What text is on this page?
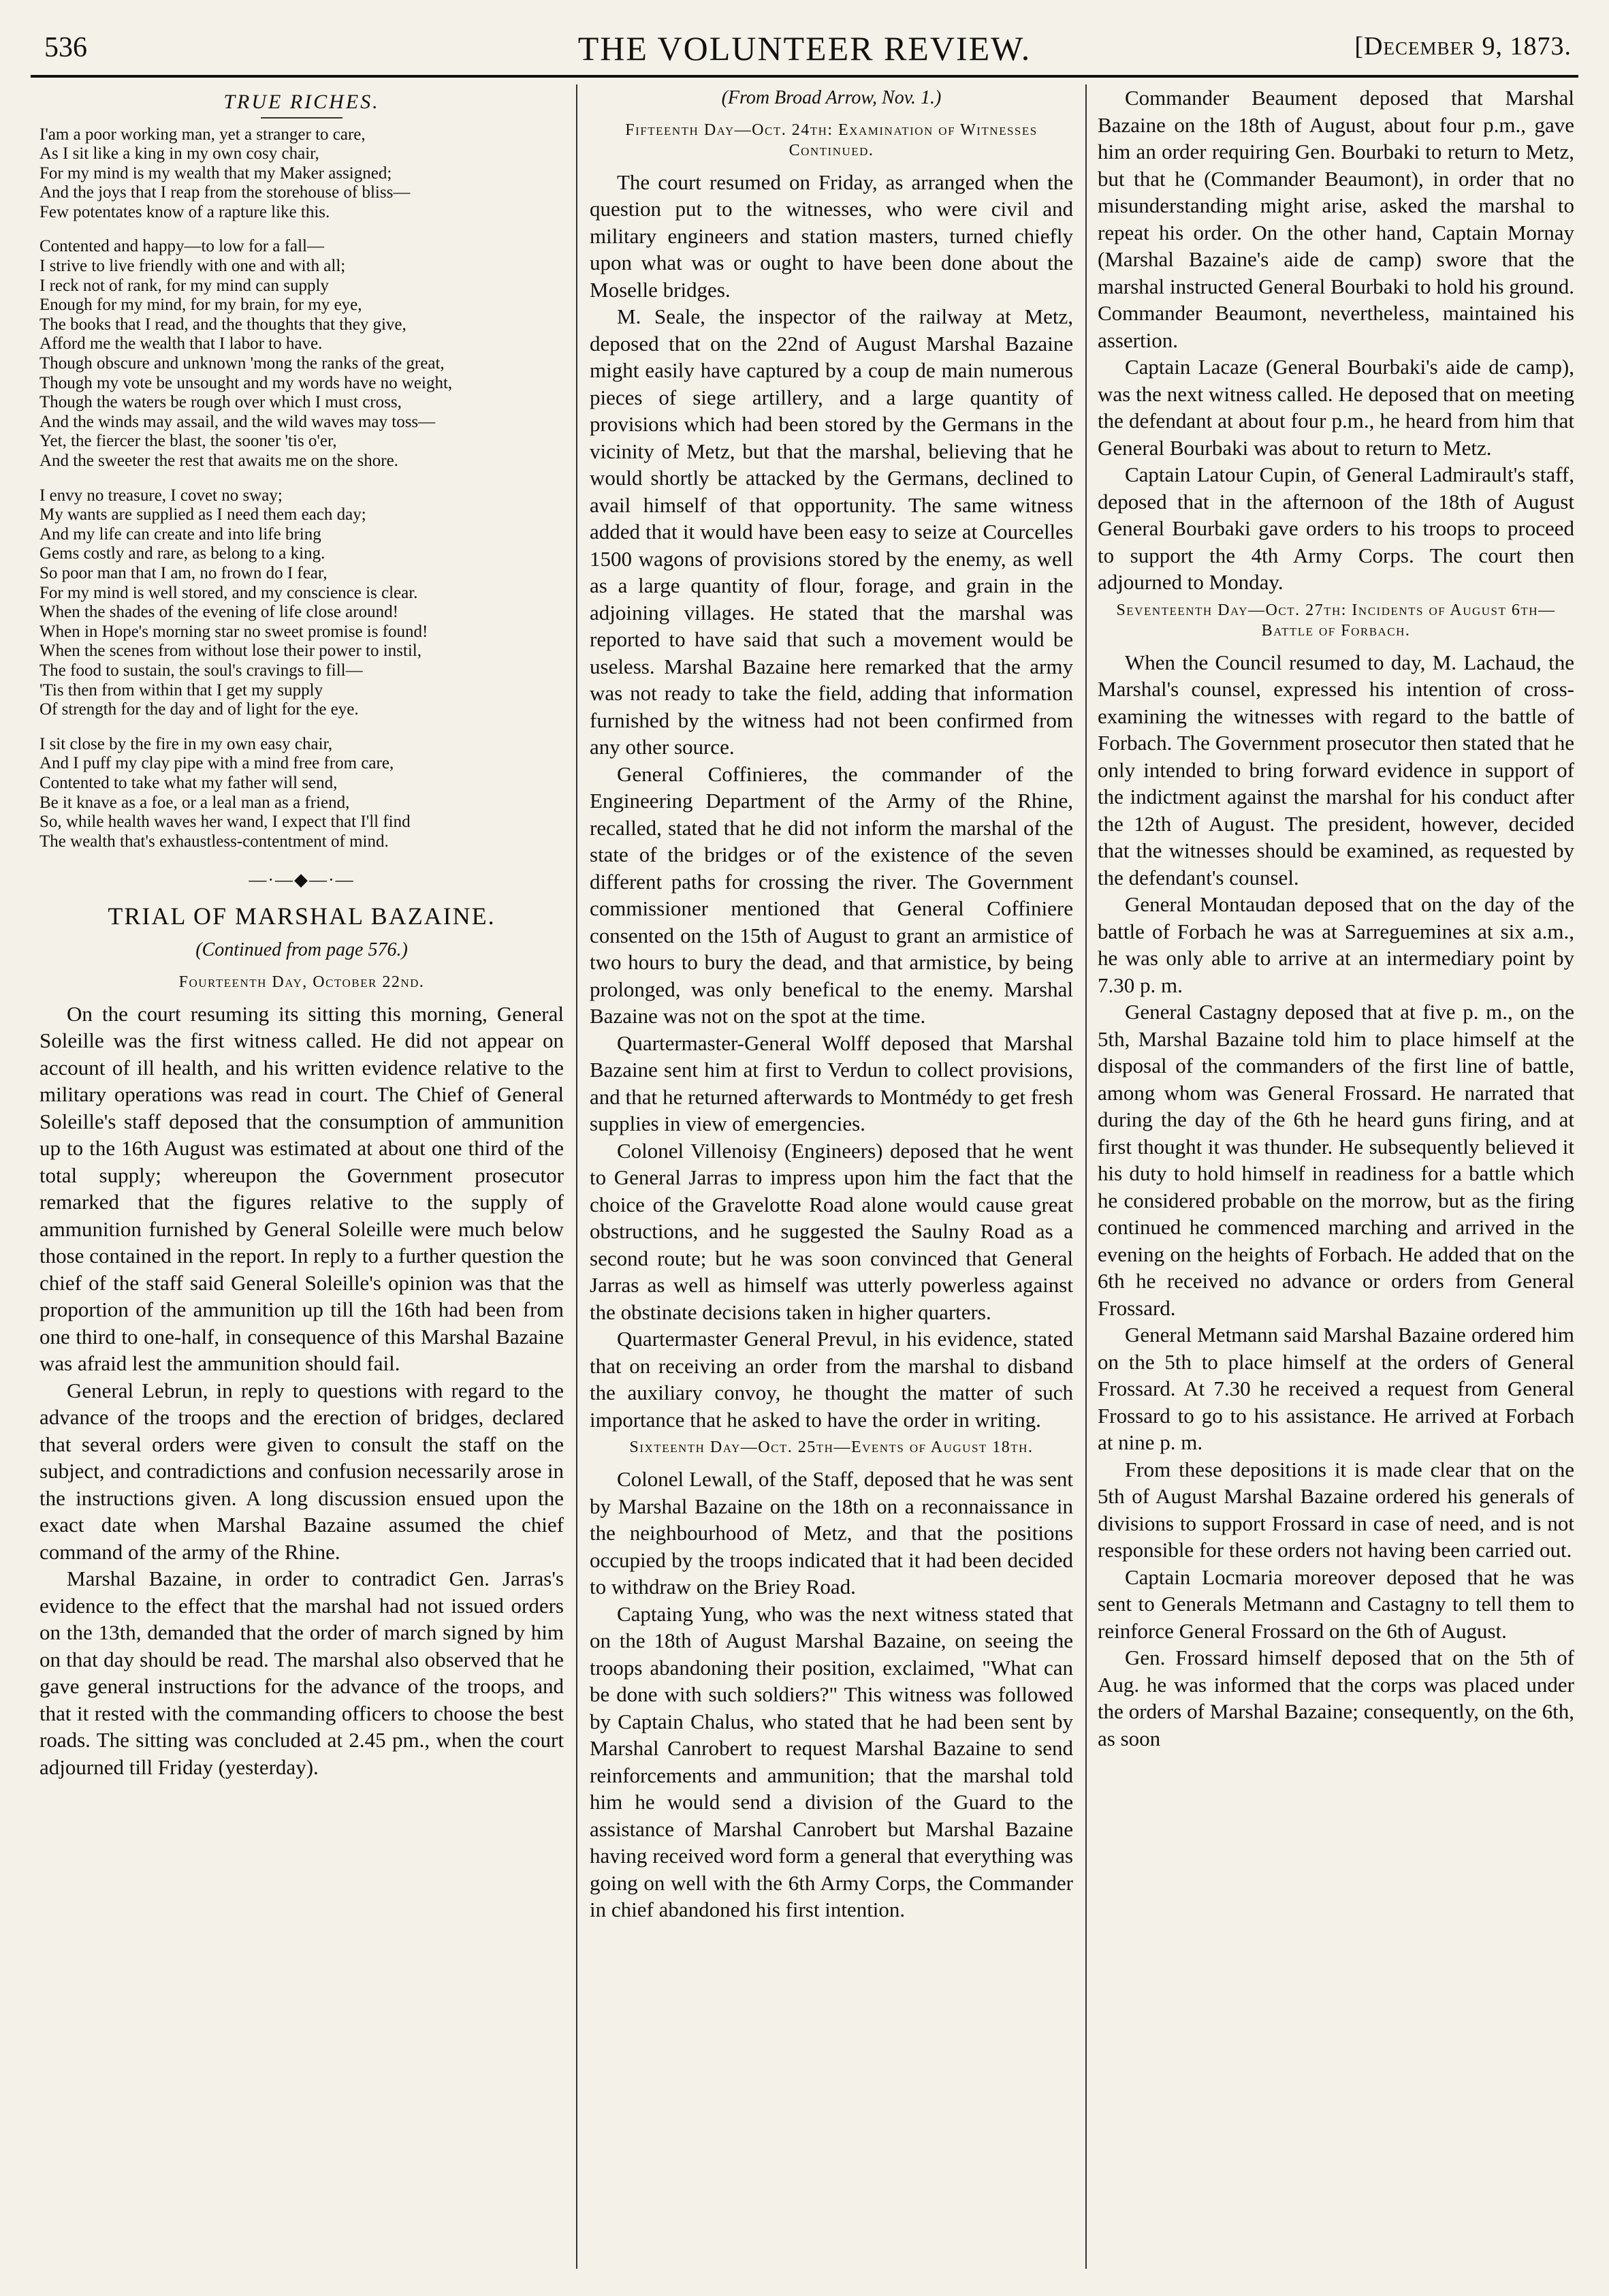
536	THE VOLUNTEER REVIEW.	[December 9, 1873.
TRUE RICHES.
I'am a poor working man, yet a stranger to care,
As I sit like a king in my own cosy chair,
For my mind is my wealth that my Maker assigned;
And the joys that I reap from the storehouse of bliss—
Few potentates know of a rapture like this.
Contented and happy—to low for a fall—
I strive to live friendly with one and with all;
I reck not of rank, for my mind can supply
Enough for my mind, for my brain, for my eye,
The books that I read, and the thoughts that they give,
Afford me the wealth that I labor to have.
Though obscure and unknown 'mong the ranks of the great,
Though my vote be unsought and my words have no weight,
Though the waters be rough over which I must cross,
And the winds may assail, and the wild waves may toss—
Yet, the fiercer the blast, the sooner 'tis o'er,
And the sweeter the rest that awaits me on the shore.
I envy no treasure, I covet no sway;
My wants are supplied as I need them each day;
And my life can create and into life bring
Gems costly and rare, as belong to a king.
So poor man that I am, no frown do I fear,
For my mind is well stored, and my conscience is clear.
When the shades of the evening of life close around!
When in Hope's morning star no sweet promise is found!
When the scenes from without lose their power to instil,
The food to sustain, the soul's cravings to fill—
'Tis then from within that I get my supply
Of strength for the day and of light for the eye.
I sit close by the fire in my own easy chair,
And I puff my clay pipe with a mind free from care,
Contented to take what my father will send,
Be it knave as a foe, or a leal man as a friend,
So, while health waves her wand, I expect that I'll find
The wealth that's exhaustless-contentment of mind.
—·—◆—·—
TRIAL OF MARSHAL BAZAINE.
(Continued from page 576.)
Fourteenth Day, October 22nd.

On the court resuming its sitting this morning, General Soleille was the first witness called. He did not appear on account of ill health, and his written evidence relative to the military operations was read in court. The Chief of General Soleille's staff deposed that the consumption of ammunition up to the 16th August was estimated at about one third of the total supply; whereupon the Government prosecutor remarked that the figures relative to the supply of ammunition furnished by General Soleille were much below those contained in the report. In reply to a further question the chief of the staff said General Soleille's opinion was that the proportion of the ammunition up till the 16th had been from one third to one-half, in consequence of this Marshal Bazaine was afraid lest the ammunition should fail.

General Lebrun, in reply to questions with regard to the advance of the troops and the erection of bridges, declared that several orders were given to consult the staff on the subject, and contradictions and confusion necessarily arose in the instructions given. A long discussion ensued upon the exact date when Marshal Bazaine assumed the chief command of the army of the Rhine.

Marshal Bazaine, in order to contradict Gen. Jarras's evidence to the effect that the marshal had not issued orders on the 13th, demanded that the order of march signed by him on that day should be read. The marshal also observed that he gave general instructions for the advance of the troops, and that it rested with the commanding officers to choose the best roads. The sitting was concluded at 2.45 pm., when the court adjourned till Friday (yesterday).

(From Broad Arrow, Nov. 1.)
Fifteenth Day—Oct. 24th: Examination of Witnesses Continued.

The court resumed on Friday, as arranged when the question put to the witnesses, who were civil and military engineers and station masters, turned chiefly upon what was or ought to have been done about the Moselle bridges.

M. Seale, the inspector of the railway at Metz, deposed that on the 22nd of August Marshal Bazaine might easily have captured by a coup de main numerous pieces of siege artillery, and a large quantity of provisions which had been stored by the Germans in the vicinity of Metz, but that the marshal, believing that he would shortly be attacked by the Germans, declined to avail himself of that opportunity. The same witness added that it would have been easy to seize at Courcelles 1500 wagons of provisions stored by the enemy, as well as a large quantity of flour, forage, and grain in the adjoining villages. He stated that the marshal was reported to have said that such a movement would be useless. Marshal Bazaine here remarked that the army was not ready to take the field, adding that information furnished by the witness had not been confirmed from any other source.

General Coffinieres, the commander of the Engineering Department of the Army of the Rhine, recalled, stated that he did not inform the marshal of the state of the bridges or of the existence of the seven different paths for crossing the river. The Government commissioner mentioned that General Coffiniere consented on the 15th of August to grant an armistice of two hours to bury the dead, and that armistice, by being prolonged, was only benefical to the enemy. Marshal Bazaine was not on the spot at the time.

Quartermaster-General Wolff deposed that Marshal Bazaine sent him at first to Verdun to collect provisions, and that he returned afterwards to Montmédy to get fresh supplies in view of emergencies.

Colonel Villenoisy (Engineers) deposed that he went to General Jarras to impress upon him the fact that the choice of the Gravelotte Road alone would cause great obstructions, and he suggested the Saulny Road as a second route; but he was soon convinced that General Jarras as well as himself was utterly powerless against the obstinate decisions taken in higher quarters.

Quartermaster General Prevul, in his evidence, stated that on receiving an order from the marshal to disband the auxiliary convoy, he thought the matter of such importance that he asked to have the order in writing.

Sixteenth Day—Oct. 25th—Events of August 18th.

Colonel Lewall, of the Staff, deposed that he was sent by Marshal Bazaine on the 18th on a reconnaissance in the neighbourhood of Metz, and that the positions occupied by the troops indicated that it had been decided to withdraw on the Briey Road.

Captaing Yung, who was the next witness stated that on the 18th of August Marshal Bazaine, on seeing the troops abandoning their position, exclaimed, "What can be done with such soldiers?" This witness was followed by Captain Chalus, who stated that he had been sent by Marshal Canrobert to request Marshal Bazaine to send reinforcements and ammunition; that the marshal told him he would send a division of the Guard to the assistance of Marshal Canrobert but Marshal Bazaine having received word form a general that everything was going on well with the 6th Army Corps, the Commander in chief abandoned his first intention.

Commander Beaument deposed that Marshal Bazaine on the 18th of August, about four p.m., gave him an order requiring Gen. Bourbaki to return to Metz, but that he (Commander Beaumont), in order that no misunderstanding might arise, asked the marshal to repeat his order. On the other hand, Captain Mornay (Marshal Bazaine's aide de camp) swore that the marshal instructed General Bourbaki to hold his ground. Commander Beaumont, nevertheless, maintained his assertion.

Captain Lacaze (General Bourbaki's aide de camp), was the next witness called. He deposed that on meeting the defendant at about four p.m., he heard from him that General Bourbaki was about to return to Metz.

Captain Latour Cupin, of General Ladmirault's staff, deposed that in the afternoon of the 18th of August General Bourbaki gave orders to his troops to proceed to support the 4th Army Corps. The court then adjourned to Monday.

Seventeenth Day—Oct. 27th: Incidents of August 6th—Battle of Forbach.

When the Council resumed to day, M. Lachaud, the Marshal's counsel, expressed his intention of cross-examining the witnesses with regard to the battle of Forbach. The Government prosecutor then stated that he only intended to bring forward evidence in support of the indictment against the marshal for his conduct after the 12th of August. The president, however, decided that the witnesses should be examined, as requested by the defendant's counsel.

General Montaudan deposed that on the day of the battle of Forbach he was at Sarreguemines at six a.m., he was only able to arrive at an intermediary point by 7.30 p. m.

General Castagny deposed that at five p. m., on the 5th, Marshal Bazaine told him to place himself at the disposal of the commanders of the first line of battle, among whom was General Frossard. He narrated that during the day of the 6th he heard guns firing, and at first thought it was thunder. He subsequently believed it his duty to hold himself in readiness for a battle which he considered probable on the morrow, but as the firing continued he commenced marching and arrived in the evening on the heights of Forbach. He added that on the 6th he received no advance or orders from General Frossard.

General Metmann said Marshal Bazaine ordered him on the 5th to place himself at the orders of General Frossard. At 7.30 he received a request from General Frossard to go to his assistance. He arrived at Forbach at nine p. m.

From these depositions it is made clear that on the 5th of August Marshal Bazaine ordered his generals of divisions to support Frossard in case of need, and is not responsible for these orders not having been carried out.

Captain Locmaria moreover deposed that he was sent to Generals Metmann and Castagny to tell them to reinforce General Frossard on the 6th of August.

Gen. Frossard himself deposed that on the 5th of Aug. he was informed that the corps was placed under the orders of Marshal Bazaine; consequently, on the 6th, as soon
